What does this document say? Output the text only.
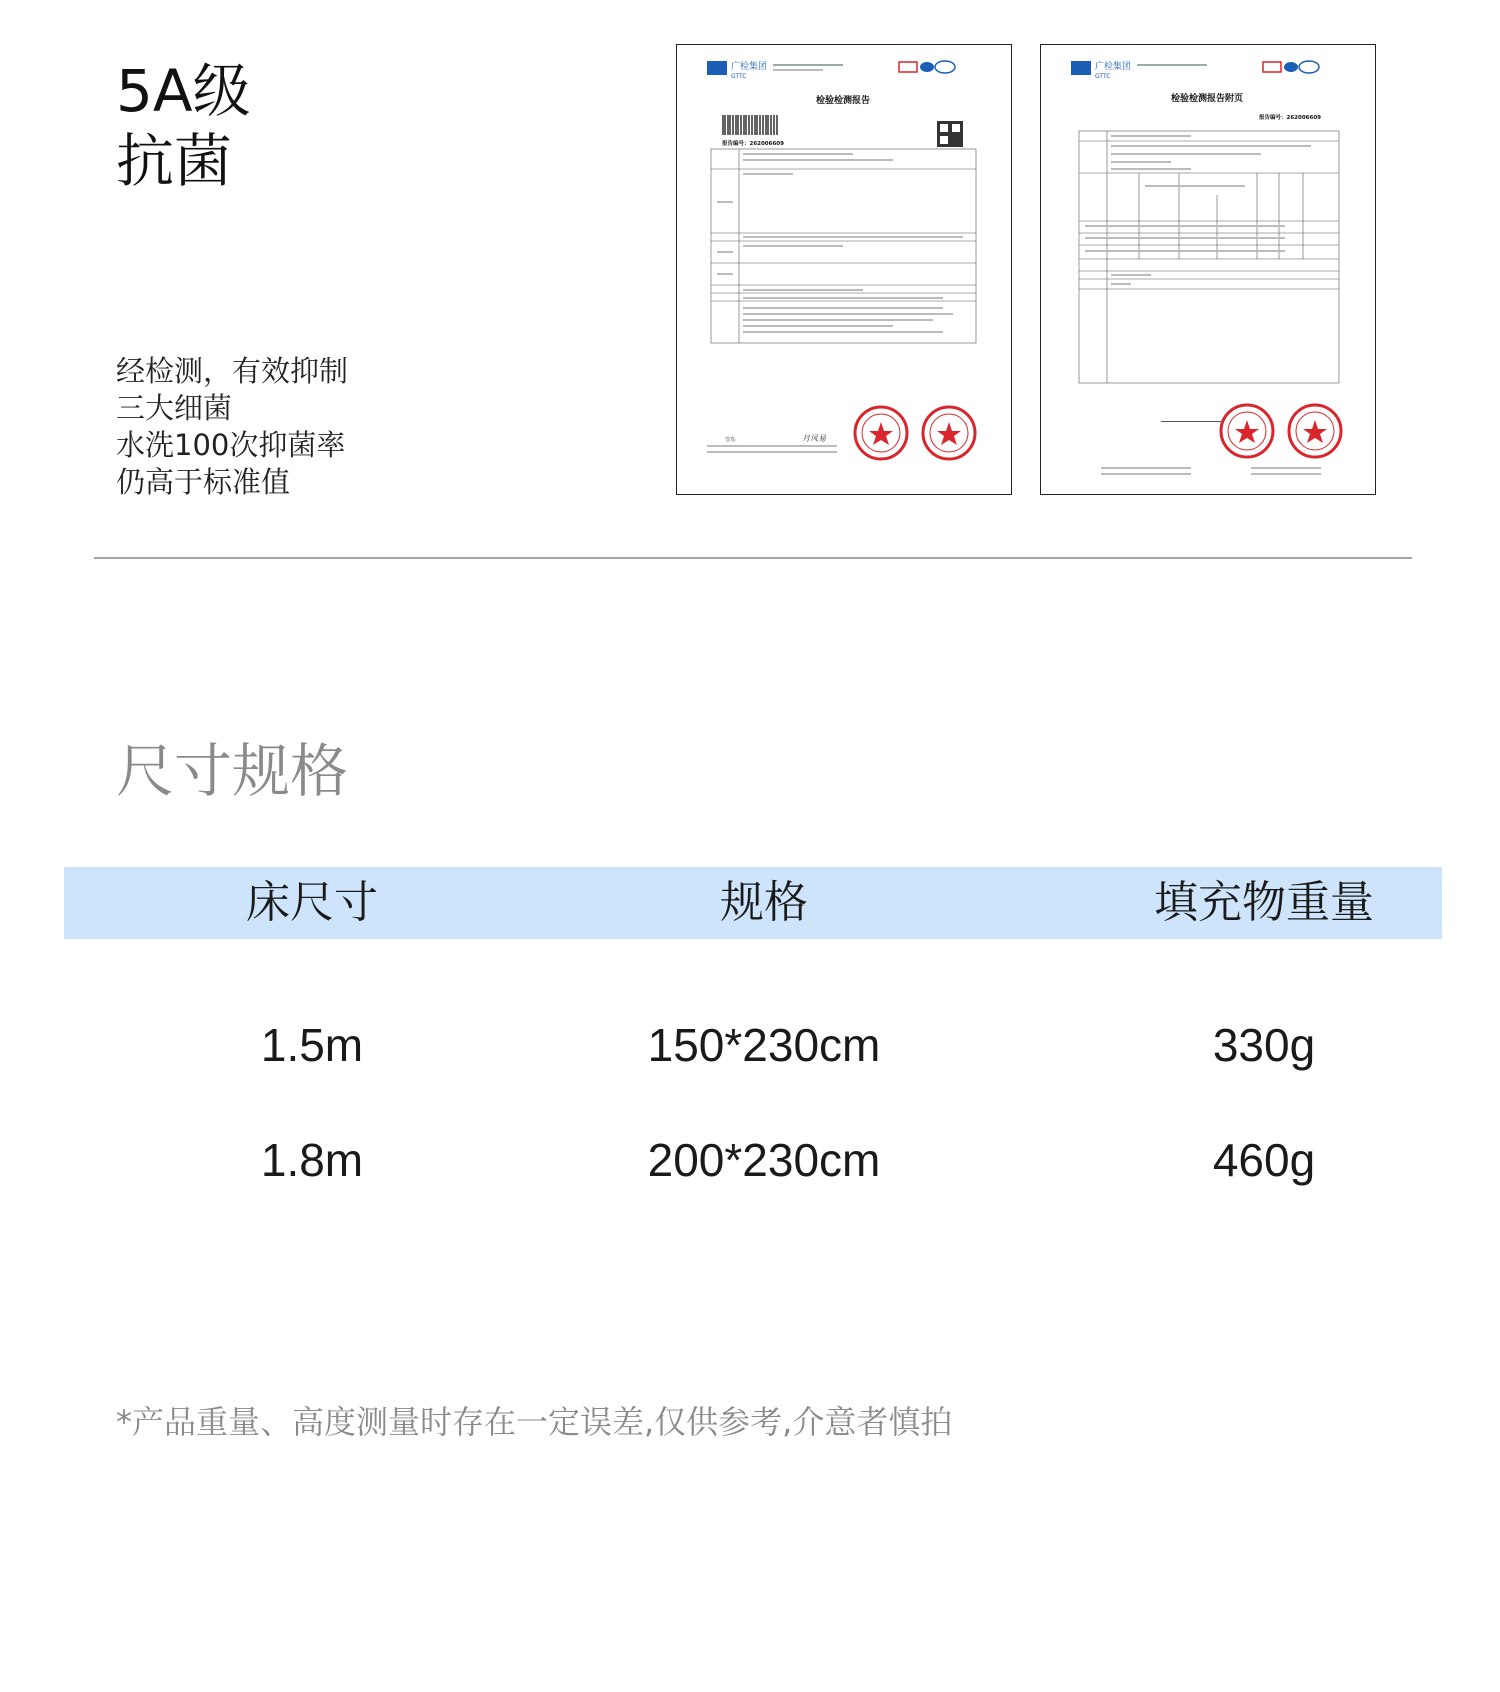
5A级
抗菌
经检测，有效抑制
三大细菌
水洗100次抑菌率
仍高于标准值
广检集团
GTTC
检验检测报告
报告编号：262006609
签发:	月风易
广检集团
GTTC
检验检测报告附页
报告编号：262006609
尺寸规格
床尺寸	规格	填充物重量
1.5m	150*230cm	330g
1.8m	200*230cm	460g
*产品重量、高度测量时存在一定误差,仅供参考,介意者慎拍
